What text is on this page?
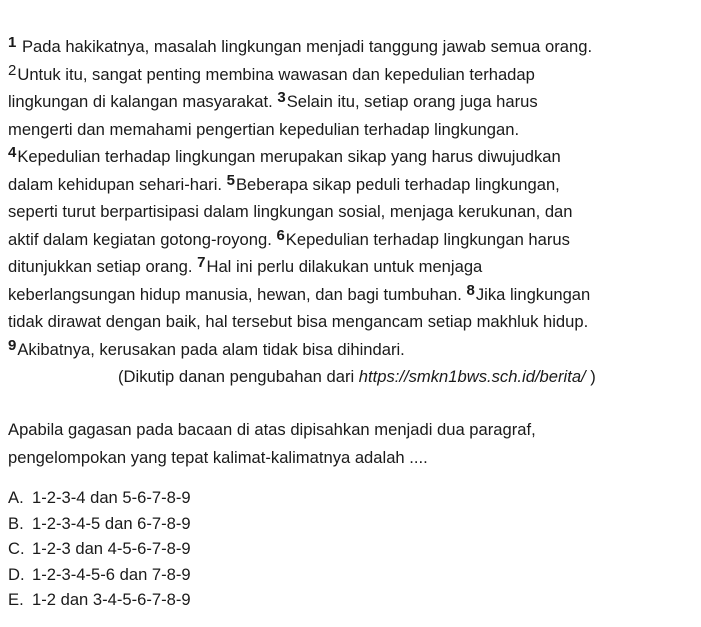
1 Pada hakikatnya, masalah lingkungan menjadi tanggung jawab semua orang.
2Untuk itu, sangat penting membina wawasan dan kepedulian terhadap
lingkungan di kalangan masyarakat. 3Selain itu, setiap orang juga harus
mengerti dan memahami pengertian kepedulian terhadap lingkungan.
4Kepedulian terhadap lingkungan merupakan sikap yang harus diwujudkan
dalam kehidupan sehari-hari. 5Beberapa sikap peduli terhadap lingkungan,
seperti turut berpartisipasi dalam lingkungan sosial, menjaga kerukunan, dan
aktif dalam kegiatan gotong-royong. 6Kepedulian terhadap lingkungan harus
ditunjukkan setiap orang. 7Hal ini perlu dilakukan untuk menjaga
keberlangsungan hidup manusia, hewan, dan bagi tumbuhan. 8Jika lingkungan
tidak dirawat dengan baik, hal tersebut bisa mengancam setiap makhluk hidup.
9Akibatnya, kerusakan pada alam tidak bisa dihindari.
(Dikutip danan pengubahan dari https://smkn1bws.sch.id/berita/ )
Apabila gagasan pada bacaan di atas dipisahkan menjadi dua paragraf,
pengelompokan yang tepat kalimat-kalimatnya adalah ....
A. 1-2-3-4 dan 5-6-7-8-9
B. 1-2-3-4-5 dan 6-7-8-9
C. 1-2-3 dan 4-5-6-7-8-9
D. 1-2-3-4-5-6 dan 7-8-9
E. 1-2 dan 3-4-5-6-7-8-9
